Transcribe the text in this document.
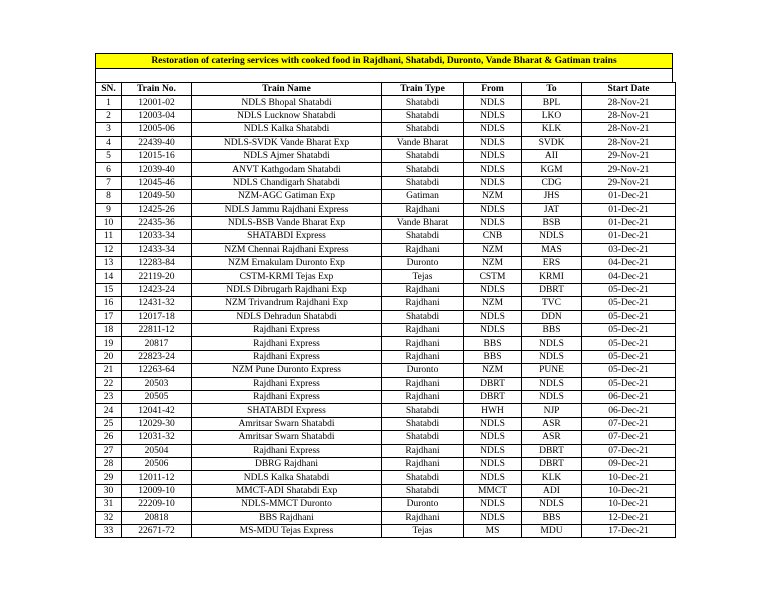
Restoration of catering services with cooked food in Rajdhani, Shatabdi, Duronto, Vande Bharat & Gatiman trains
SN.	Train No.	Train Name	Train Type	From	To	Start Date
1	12001-02	NDLS Bhopal Shatabdi	Shatabdi	NDLS	BPL	28-Nov-21
2	12003-04	NDLS Lucknow Shatabdi	Shatabdi	NDLS	LKO	28-Nov-21
3	12005-06	NDLS Kalka Shatabdi	Shatabdi	NDLS	KLK	28-Nov-21
4	22439-40	NDLS-SVDK Vande Bharat Exp	Vande Bharat	NDLS	SVDK	28-Nov-21
5	12015-16	NDLS Ajmer Shatabdi	Shatabdi	NDLS	AII	29-Nov-21
6	12039-40	ANVT Kathgodam Shatabdi	Shatabdi	NDLS	KGM	29-Nov-21
7	12045-46	NDLS Chandigarh Shatabdi	Shatabdi	NDLS	CDG	29-Nov-21
8	12049-50	NZM-AGC Gatiman Exp	Gatiman	NZM	JHS	01-Dec-21
9	12425-26	NDLS Jammu Rajdhani Express	Rajdhani	NDLS	JAT	01-Dec-21
10	22435-36	NDLS-BSB Vande Bharat Exp	Vande Bharat	NDLS	BSB	01-Dec-21
11	12033-34	SHATABDI Express	Shatabdi	CNB	NDLS	01-Dec-21
12	12433-34	NZM Chennai Rajdhani Express	Rajdhani	NZM	MAS	03-Dec-21
13	12283-84	NZM Ernakulam Duronto Exp	Duronto	NZM	ERS	04-Dec-21
14	22119-20	CSTM-KRMI Tejas Exp	Tejas	CSTM	KRMI	04-Dec-21
15	12423-24	NDLS Dibrugarh Rajdhani Exp	Rajdhani	NDLS	DBRT	05-Dec-21
16	12431-32	NZM Trivandrum Rajdhani Exp	Rajdhani	NZM	TVC	05-Dec-21
17	12017-18	NDLS Dehradun Shatabdi	Shatabdi	NDLS	DDN	05-Dec-21
18	22811-12	Rajdhani Express	Rajdhani	NDLS	BBS	05-Dec-21
19	20817	Rajdhani Express	Rajdhani	BBS	NDLS	05-Dec-21
20	22823-24	Rajdhani Express	Rajdhani	BBS	NDLS	05-Dec-21
21	12263-64	NZM Pune Duronto Express	Duronto	NZM	PUNE	05-Dec-21
22	20503	Rajdhani Express	Rajdhani	DBRT	NDLS	05-Dec-21
23	20505	Rajdhani Express	Rajdhani	DBRT	NDLS	06-Dec-21
24	12041-42	SHATABDI Express	Shatabdi	HWH	NJP	06-Dec-21
25	12029-30	Amritsar Swarn Shatabdi	Shatabdi	NDLS	ASR	07-Dec-21
26	12031-32	Amritsar Swarn Shatabdi	Shatabdi	NDLS	ASR	07-Dec-21
27	20504	Rajdhani Express	Rajdhani	NDLS	DBRT	07-Dec-21
28	20506	DBRG Rajdhani	Rajdhani	NDLS	DBRT	09-Dec-21
29	12011-12	NDLS Kalka Shatabdi	Shatabdi	NDLS	KLK	10-Dec-21
30	12009-10	MMCT-ADI Shatabdi Exp	Shatabdi	MMCT	ADI	10-Dec-21
31	22209-10	NDLS-MMCT Duronto	Duronto	NDLS	NDLS	10-Dec-21
32	20818	BBS Rajdhani	Rajdhani	NDLS	BBS	12-Dec-21
33	22671-72	MS-MDU Tejas Express	Tejas	MS	MDU	17-Dec-21
